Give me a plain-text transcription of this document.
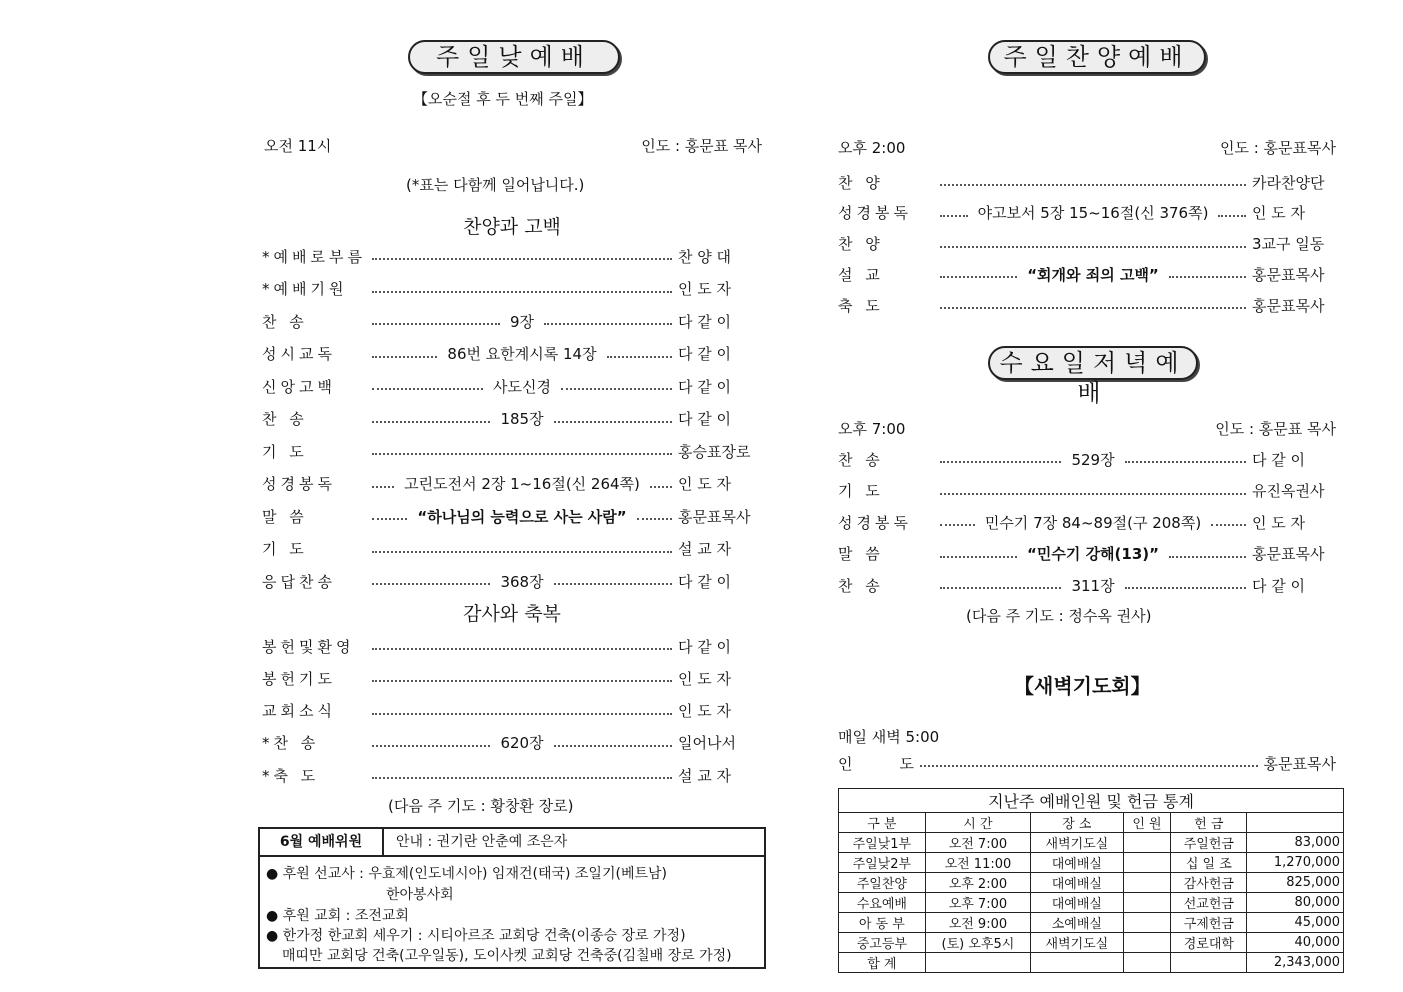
주일낮예배
【오순절 후 두 번째 주일】
오전 11시	인도 : 홍문표 목사
(*표는 다함께 일어납니다.)
찬양과 고백
*예배로부름	찬 양 대
*예배기원	인 도 자
찬 송	9장	다 같 이
성시교독	86번 요한계시록 14장	다 같 이
신앙고백	사도신경	다 같 이
찬 송	185장	다 같 이
기 도	홍승표장로
성경봉독	고린도전서 2장 1~16절(신 264쪽)	인 도 자
말 씀	“하나님의 능력으로 사는 사람”	홍문표목사
기 도	설 교 자
응답찬송	368장	다 같 이
감사와 축복
봉헌및환영	다 같 이
봉헌기도	인 도 자
교회소식	인 도 자
*찬 송	620장	일어나서
*축 도	설 교 자
(다음 주 기도 : 황창환 장로)
6월 예배위원	안내 : 권기란 안춘예 조은자
● 후원 선교사 : 우효제(인도네시아) 임재건(태국) 조일기(베트남)
한아봉사회
● 후원 교회 : 조전교회
● 한가정 한교회 세우기 : 시티아르조 교회당 건축(이종승 장로 가정)
매띠만 교회당 건축(고우일동), 도이사켓 교회당 건축중(김칠배 장로 가정)
주일찬양예배
오후 2:00	인도 : 홍문표목사
찬 양	카라찬양단
성경봉독	야고보서 5장 15~16절(신 376쪽)	인 도 자
찬 양	3교구 일동
설 교	“회개와 죄의 고백”	홍문표목사
축 도	홍문표목사
수요일저녁예배
오후 7:00	인도 : 홍문표 목사
찬 송	529장	다 같 이
기 도	유진옥권사
성경봉독	민수기 7장 84~89절(구 208쪽)	인 도 자
말 씀	“민수기 강해(13)”	홍문표목사
찬 송	311장	다 같 이
(다음 주 기도 : 정수옥 권사)
【새벽기도회】
매일 새벽 5:00
인	도	홍문표목사
지난주 예배인원 및 헌금 통계					
구 분	시 간	장 소	인 원	헌 금	
주일낮1부	오전 7:00	새벽기도실		주일헌금	83,000
주일낮2부	오전 11:00	대예배실		십 일 조	1,270,000
주일찬양	오후 2:00	대예배실		감사헌금	825,000
수요예배	오후 7:00	대예배실		선교헌금	80,000
아 동 부	오전 9:00	소예배실		구제헌금	45,000
중고등부	(토) 오후5시	새벽기도실		경로대학	40,000
합 계					2,343,000
